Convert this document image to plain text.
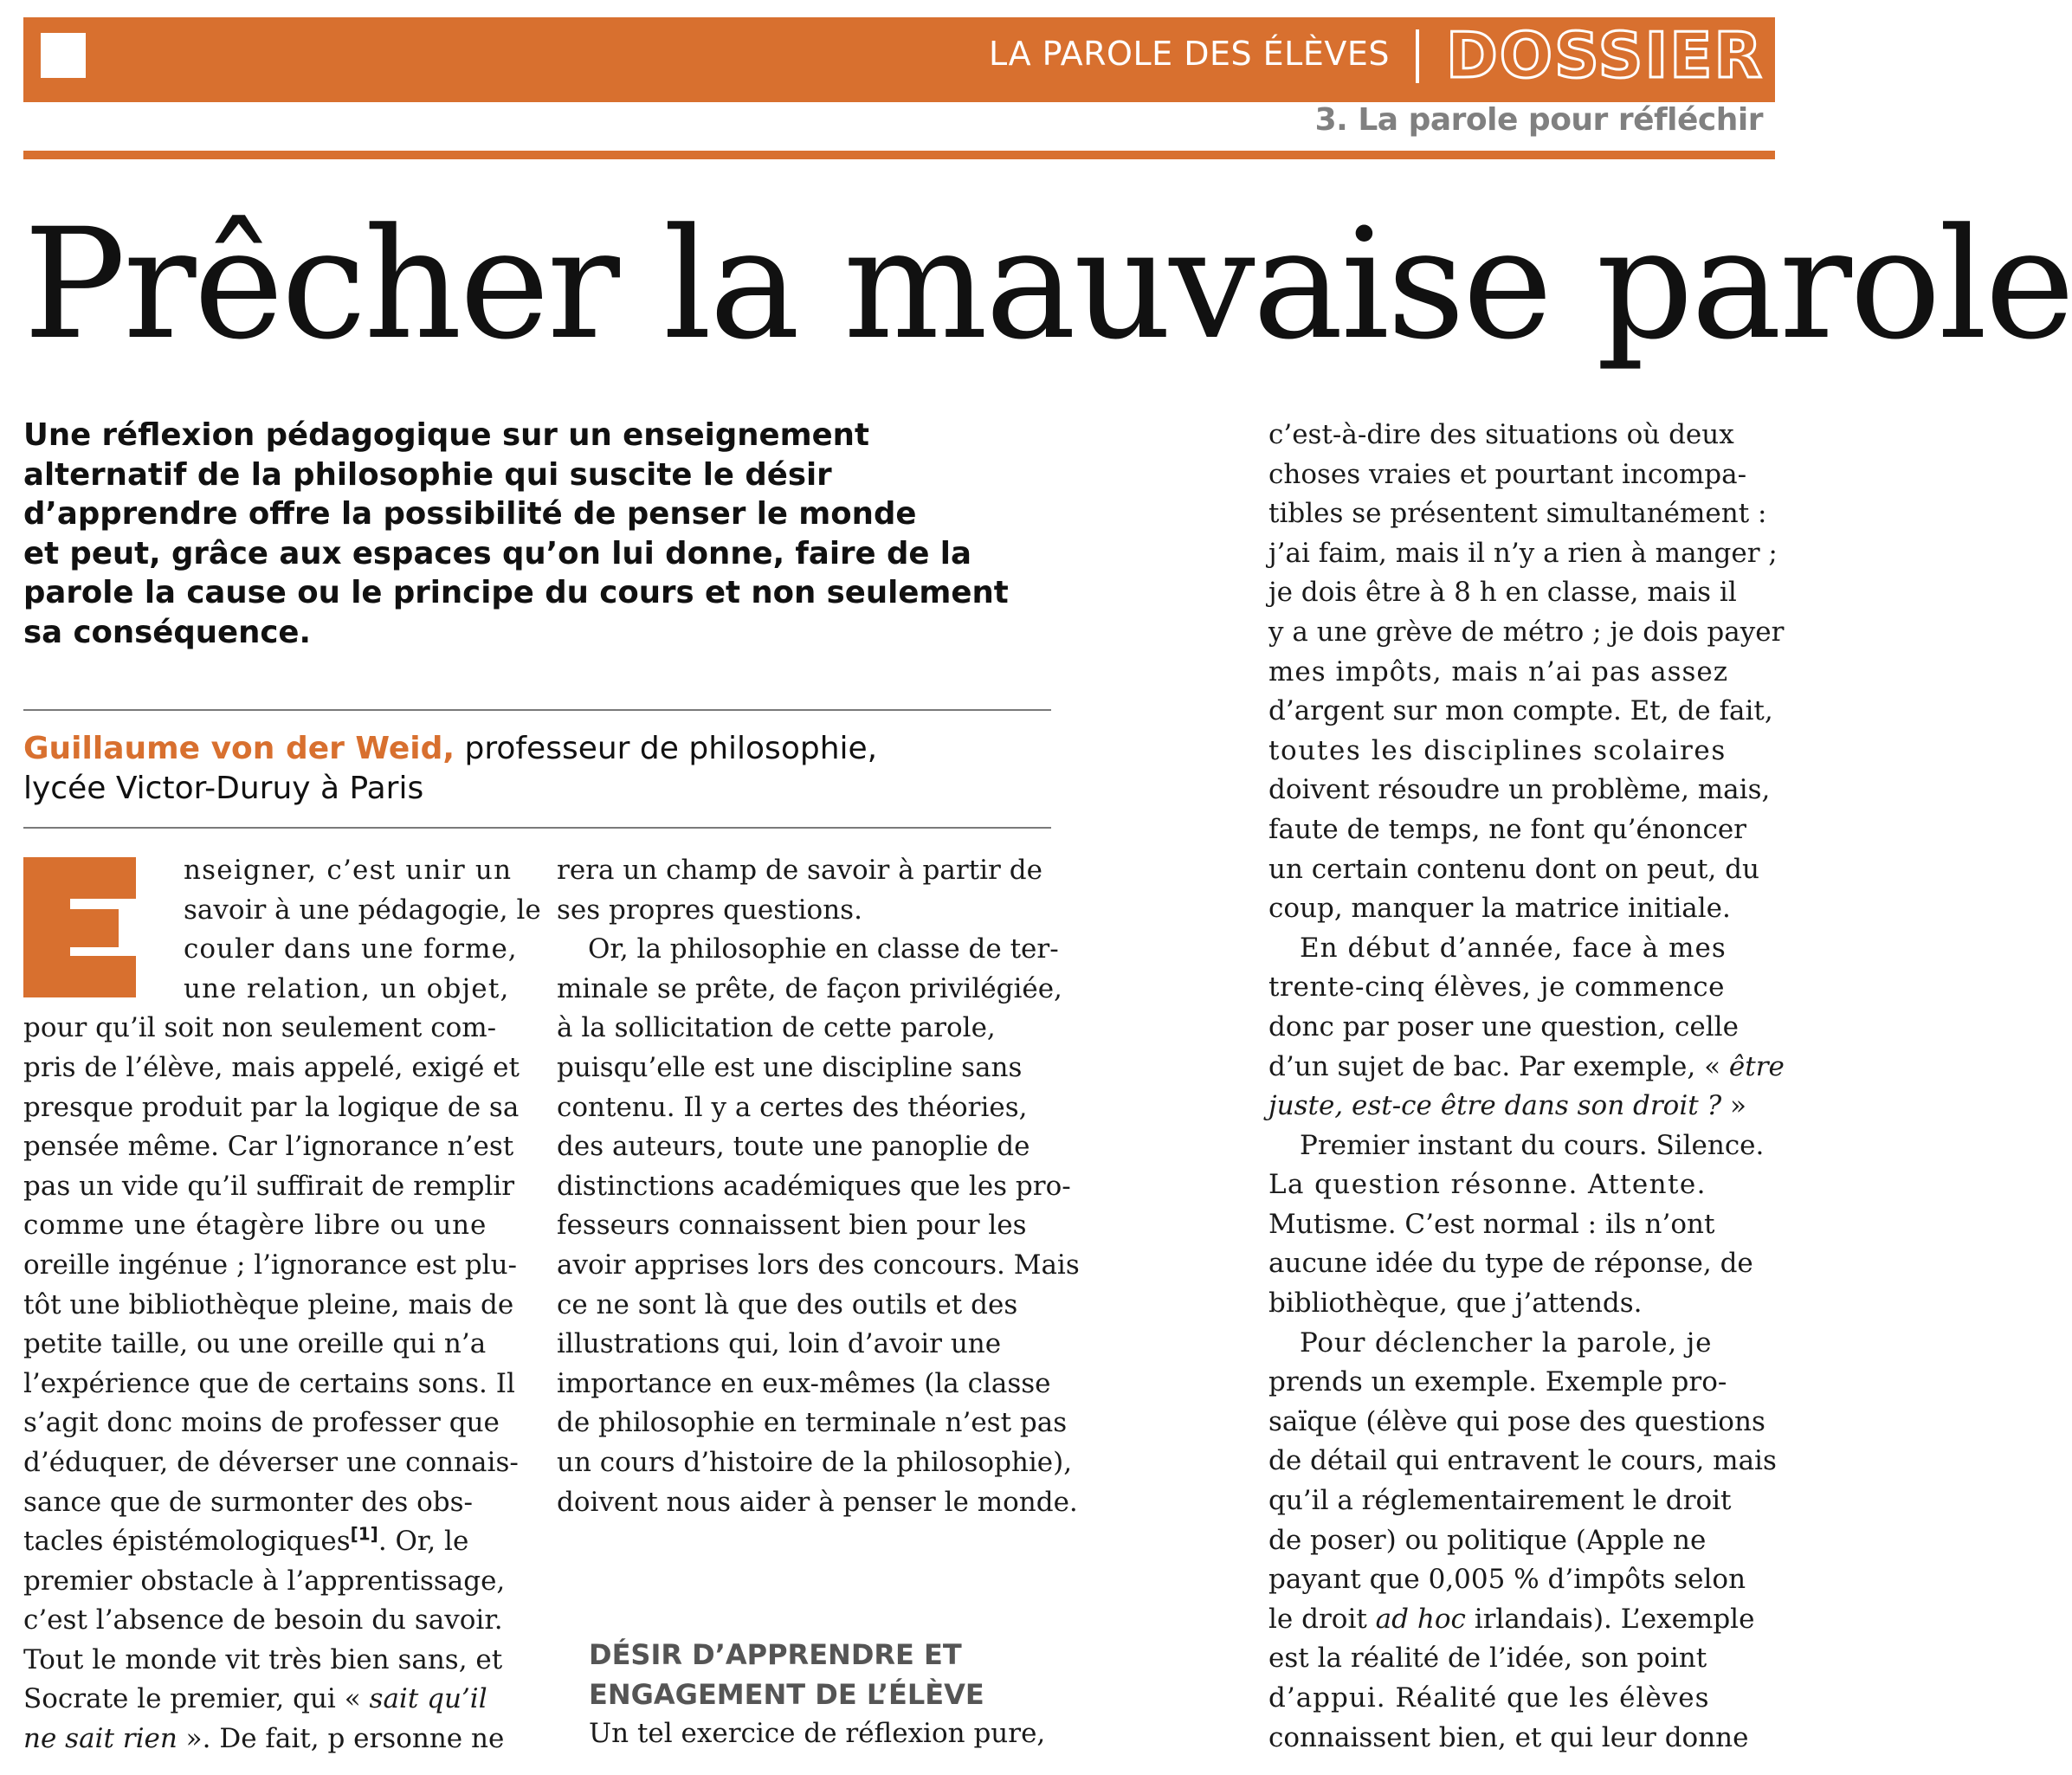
LA PAROLE DES ÉLÈVES DOSSIER
3. La parole pour réfléchir
Prêcher la mauvaise parole
Une réflexion pédagogique sur un enseignement
alternatif de la philosophie qui suscite le désir
d’apprendre offre la possibilité de penser le monde
et peut, grâce aux espaces qu’on lui donne, faire de la
parole la cause ou le principe du cours et non seulement
sa conséquence.
Guillaume von der Weid, professeur de philosophie,
lycée Victor-Duruy à Paris
nseigner, c’est unir un
savoir à une pédagogie, le
couler dans une forme,
une relation, un objet,
pour qu’il soit non seulement com-
pris de l’élève, mais appelé, exigé et
presque produit par la logique de sa
pensée même. Car l’ignorance n’est
pas un vide qu’il suffirait de remplir
comme une étagère libre ou une
oreille ingénue ; l’ignorance est plu-
tôt une bibliothèque pleine, mais de
petite taille, ou une oreille qui n’a
l’expérience que de certains sons. Il
s’agit donc moins de professer que
d’éduquer, de déverser une connais-
sance que de surmonter des obs-
tacles épistémologiques[1]. Or, le
premier obstacle à l’apprentissage,
c’est l’absence de besoin du savoir.
Tout le monde vit très bien sans, et
Socrate le premier, qui « sait qu’il
ne sait rien ». De fait, p ersonne ne
rera un champ de savoir à partir de
ses propres questions.
Or, la philosophie en classe de ter-
minale se prête, de façon privilégiée,
à la sollicitation de cette parole,
puisqu’elle est une discipline sans
contenu. Il y a certes des théories,
des auteurs, toute une panoplie de
distinctions académiques que les pro-
fesseurs connaissent bien pour les
avoir apprises lors des concours. Mais
ce ne sont là que des outils et des
illustrations qui, loin d’avoir une
importance en eux-mêmes (la classe
de philosophie en terminale n’est pas
un cours d’histoire de la philosophie),
doivent nous aider à penser le monde.
DÉSIR D’APPRENDRE ET
ENGAGEMENT DE L’ÉLÈVE
Un tel exercice de réflexion pure,
c’est-à-dire des situations où deux
choses vraies et pourtant incompa-
tibles se présentent simultanément :
j’ai faim, mais il n’y a rien à manger ;
je dois être à 8 h en classe, mais il
y a une grève de métro ; je dois payer
mes impôts, mais n’ai pas assez
d’argent sur mon compte. Et, de fait,
toutes les disciplines scolaires
doivent résoudre un problème, mais,
faute de temps, ne font qu’énoncer
un certain contenu dont on peut, du
coup, manquer la matrice initiale.
En début d’année, face à mes
trente-cinq élèves, je commence
donc par poser une question, celle
d’un sujet de bac. Par exemple, « être
juste, est-ce être dans son droit ? »
Premier instant du cours. Silence.
La question résonne. Attente.
Mutisme. C’est normal : ils n’ont
aucune idée du type de réponse, de
bibliothèque, que j’attends.
Pour déclencher la parole, je
prends un exemple. Exemple pro-
saïque (élève qui pose des questions
de détail qui entravent le cours, mais
qu’il a réglementairement le droit
de poser) ou politique (Apple ne
payant que 0,005 % d’impôts selon
le droit ad hoc irlandais). L’exemple
est la réalité de l’idée, son point
d’appui. Réalité que les élèves
connaissent bien, et qui leur donne
